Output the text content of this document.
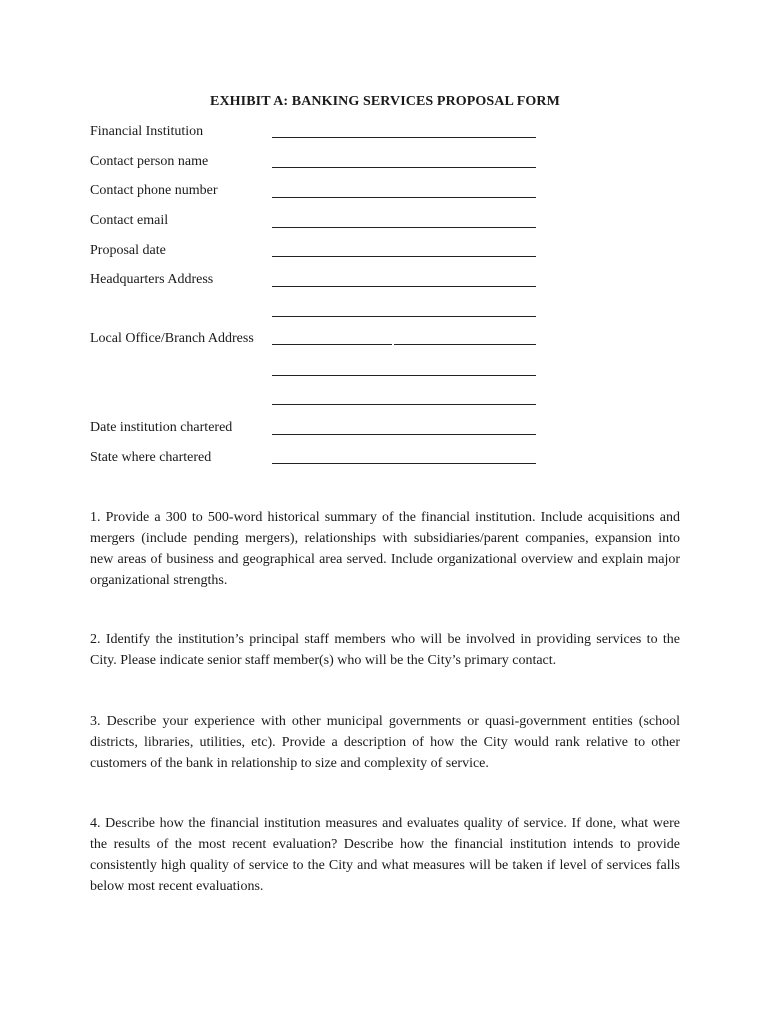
EXHIBIT A: BANKING SERVICES PROPOSAL FORM
Financial Institution
Contact person name
Contact phone number
Contact email
Proposal date
Headquarters Address
Local Office/Branch Address
Date institution chartered
State where chartered
1. Provide a 300 to 500-word historical summary of the financial institution. Include acquisitions and mergers (include pending mergers), relationships with subsidiaries/parent companies, expansion into new areas of business and geographical area served. Include organizational overview and explain major organizational strengths.
2. Identify the institution’s principal staff members who will be involved in providing services to the City. Please indicate senior staff member(s) who will be the City’s primary contact.
3. Describe your experience with other municipal governments or quasi-government entities (school districts, libraries, utilities, etc). Provide a description of how the City would rank relative to other customers of the bank in relationship to size and complexity of service.
4. Describe how the financial institution measures and evaluates quality of service. If done, what were the results of the most recent evaluation? Describe how the financial institution intends to provide consistently high quality of service to the City and what measures will be taken if level of services falls below most recent evaluations.
